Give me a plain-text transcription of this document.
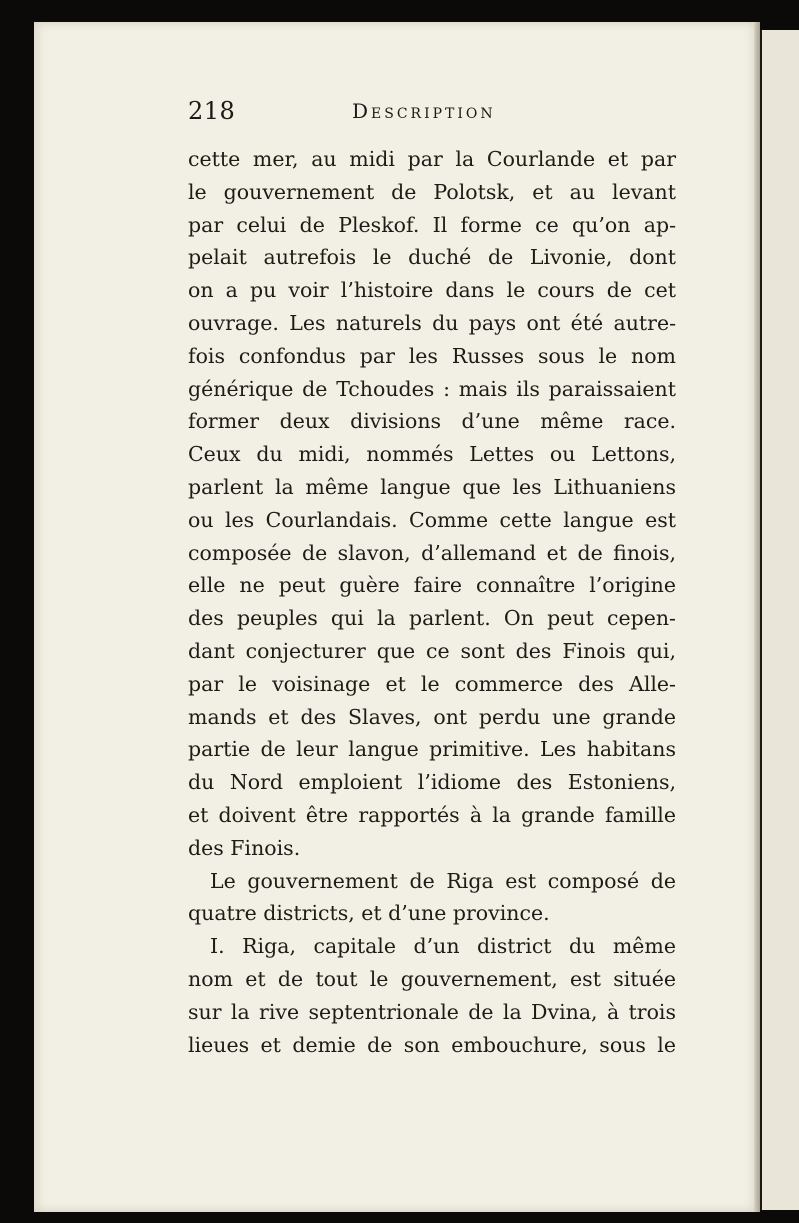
218	Description
cette mer, au midi par la Courlande et par
le gouvernement de Polotsk, et au levant
par celui de Pleskof. Il forme ce qu’on ap-
pelait autrefois le duché de Livonie, dont
on a pu voir l’histoire dans le cours de cet
ouvrage. Les naturels du pays ont été autre-
fois confondus par les Russes sous le nom
générique de Tchoudes : mais ils paraissaient
former deux divisions d’une même race.
Ceux du midi, nommés Lettes ou Lettons,
parlent la même langue que les Lithuaniens
ou les Courlandais. Comme cette langue est
composée de slavon, d’allemand et de finois,
elle ne peut guère faire connaître l’origine
des peuples qui la parlent. On peut cepen-
dant conjecturer que ce sont des Finois qui,
par le voisinage et le commerce des Alle-
mands et des Slaves, ont perdu une grande
partie de leur langue primitive. Les habitans
du Nord emploient l’idiome des Estoniens,
et doivent être rapportés à la grande famille
des Finois.
Le gouvernement de Riga est composé de
quatre districts, et d’une province.
I. Riga, capitale d’un district du même
nom et de tout le gouvernement, est située
sur la rive septentrionale de la Dvina, à trois
lieues et demie de son embouchure, sous le
